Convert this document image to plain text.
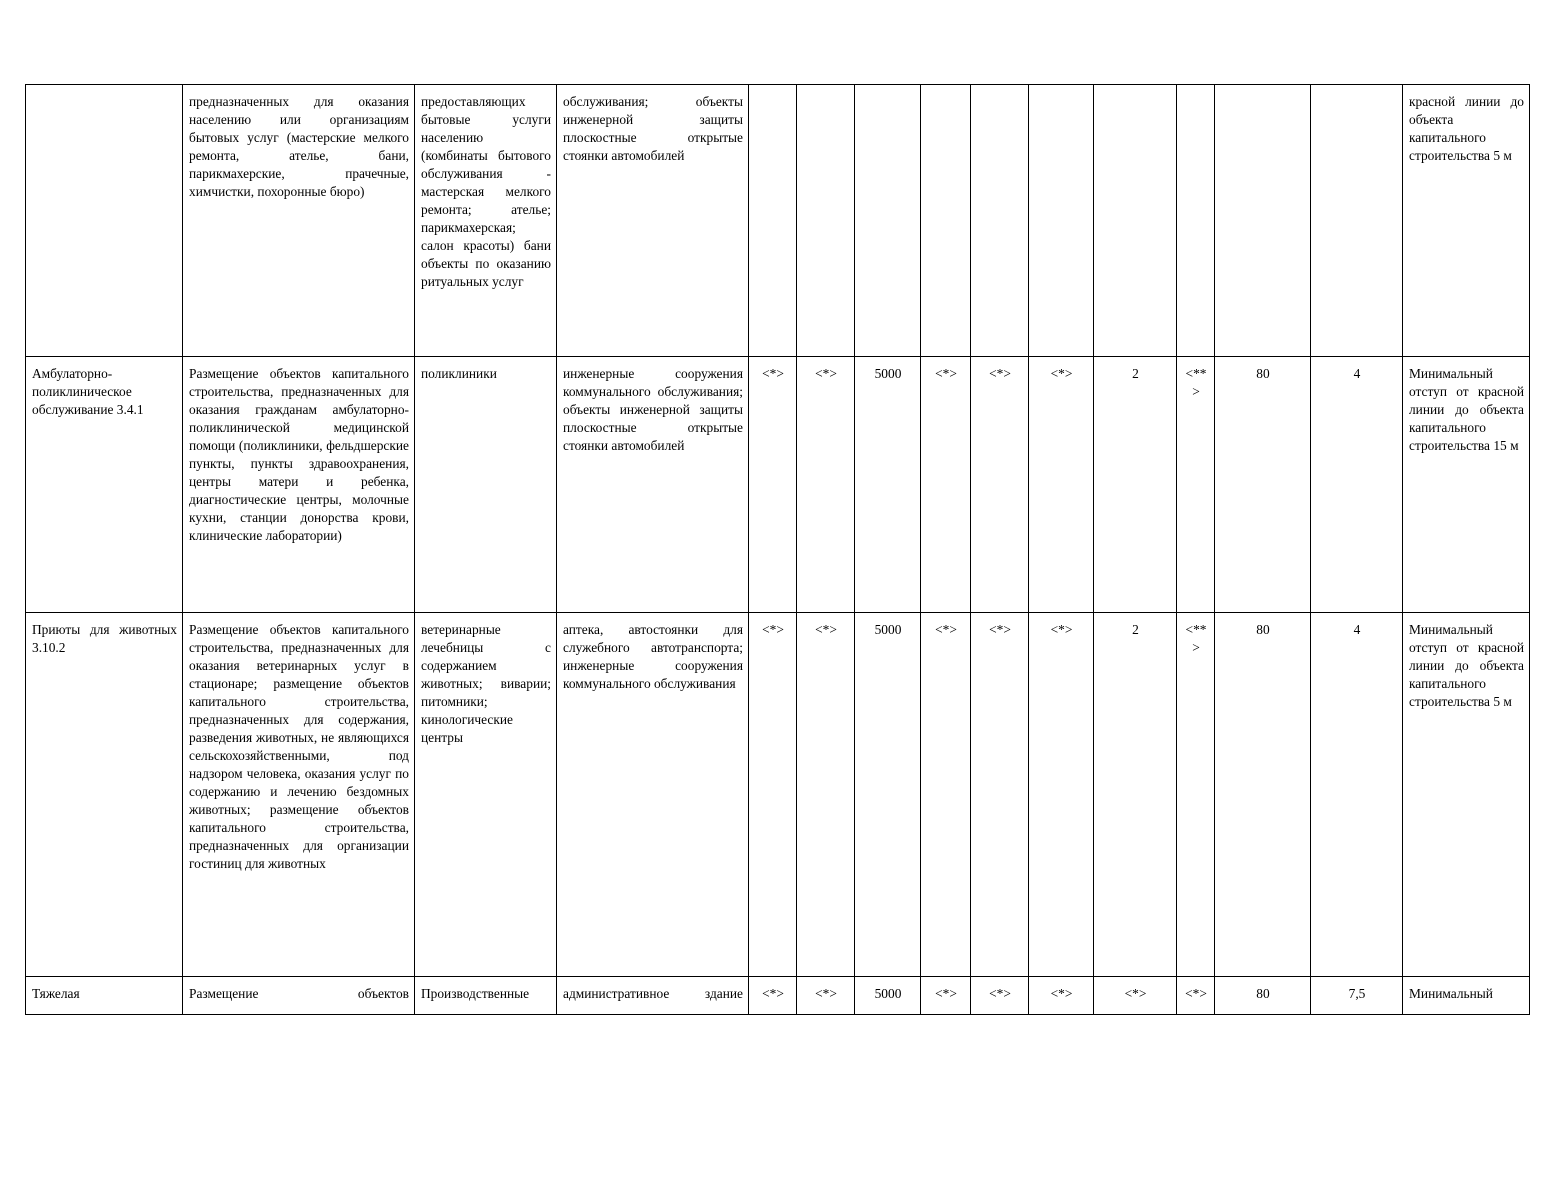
	предназначенных для оказания населению или организациям бытовых услуг (мастерские мелкого ремонта, ателье, бани, парикмахерские, прачечные, химчистки, похоронные бюро)	предоставляющих бытовые услуги населению (комбинаты бытового обслуживания - мастерская мелкого ремонта; ателье; парикмахерская; салон красоты) бани объекты по оказанию ритуальных услуг	обслуживания; объекты инженерной защиты плоскостные открытые стоянки автомобилей											красной линии до объекта капитального строительства 5 м
Амбулаторно-поликлиническое обслуживание 3.4.1	Размещение объектов капитального строительства, предназначенных для оказания гражданам амбулаторно-поликлинической медицинской помощи (поликлиники, фельдшерские пункты, пункты здравоохранения, центры матери и ребенка, диагностические центры, молочные кухни, станции донорства крови, клинические лаборатории)	поликлиники	инженерные сооружения коммунального обслуживания; объекты инженерной защиты плоскостные открытые стоянки автомобилей	<*>	<*>	5000	<*>	<*>	<*>	2	<**>	80	4	Минимальный отступ от красной линии до объекта капитального строительства 15 м
Приюты для животных 3.10.2	Размещение объектов капитального строительства, предназначенных для оказания ветеринарных услуг в стационаре; размещение объектов капитального строительства, предназначенных для содержания, разведения животных, не являющихся сельскохозяйственными, под надзором человека, оказания услуг по содержанию и лечению бездомных животных; размещение объектов капитального строительства, предназначенных для организации гостиниц для животных	ветеринарные лечебницы с содержанием животных; виварии; питомники; кинологические центры	аптека, автостоянки для служебного автотранспорта; инженерные сооружения коммунального обслуживания	<*>	<*>	5000	<*>	<*>	<*>	2	<**>	80	4	Минимальный отступ от красной линии до объекта капитального строительства 5 м
Тяжелая	Размещение объектов	Производственные	административное здание	<*>	<*>	5000	<*>	<*>	<*>	<*>	<*>	80	7,5	Минимальный
